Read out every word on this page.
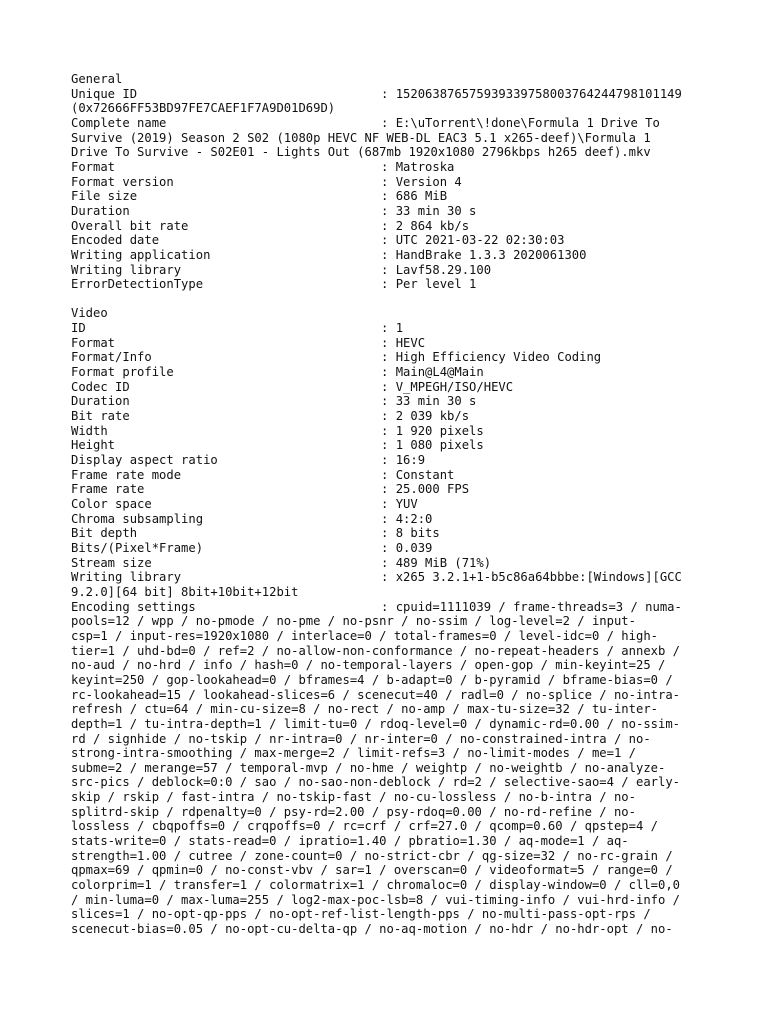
General
Unique ID	: 152063876575939339758003764244798101149
(0x72666FF53BD97FE7CAEF1F7A9D01D69D)
Complete name	: E:\uTorrent\!done\Formula 1 Drive To
Survive (2019) Season 2 S02 (1080p HEVC NF WEB-DL EAC3 5.1 x265-deef)\Formula 1
Drive To Survive - S02E01 - Lights Out (687mb 1920x1080 2796kbps h265 deef).mkv
Format	: Matroska
Format version	: Version 4
File size	: 686 MiB
Duration	: 33 min 30 s
Overall bit rate	: 2 864 kb/s
Encoded date	: UTC 2021-03-22 02:30:03
Writing application	: HandBrake 1.3.3 2020061300
Writing library	: Lavf58.29.100
ErrorDetectionType	: Per level 1
Video
ID	: 1
Format	: HEVC
Format/Info	: High Efficiency Video Coding
Format profile	: Main@L4@Main
Codec ID	: V_MPEGH/ISO/HEVC
Duration	: 33 min 30 s
Bit rate	: 2 039 kb/s
Width	: 1 920 pixels
Height	: 1 080 pixels
Display aspect ratio	: 16:9
Frame rate mode	: Constant
Frame rate	: 25.000 FPS
Color space	: YUV
Chroma subsampling	: 4:2:0
Bit depth	: 8 bits
Bits/(Pixel*Frame)	: 0.039
Stream size	: 489 MiB (71%)
Writing library	: x265 3.2.1+1-b5c86a64bbbe:[Windows][GCC
9.2.0][64 bit] 8bit+10bit+12bit
Encoding settings	: cpuid=1111039 / frame-threads=3 / numa-
pools=12 / wpp / no-pmode / no-pme / no-psnr / no-ssim / log-level=2 / input-
csp=1 / input-res=1920x1080 / interlace=0 / total-frames=0 / level-idc=0 / high-
tier=1 / uhd-bd=0 / ref=2 / no-allow-non-conformance / no-repeat-headers / annexb /
no-aud / no-hrd / info / hash=0 / no-temporal-layers / open-gop / min-keyint=25 /
keyint=250 / gop-lookahead=0 / bframes=4 / b-adapt=0 / b-pyramid / bframe-bias=0 /
rc-lookahead=15 / lookahead-slices=6 / scenecut=40 / radl=0 / no-splice / no-intra-
refresh / ctu=64 / min-cu-size=8 / no-rect / no-amp / max-tu-size=32 / tu-inter-
depth=1 / tu-intra-depth=1 / limit-tu=0 / rdoq-level=0 / dynamic-rd=0.00 / no-ssim-
rd / signhide / no-tskip / nr-intra=0 / nr-inter=0 / no-constrained-intra / no-
strong-intra-smoothing / max-merge=2 / limit-refs=3 / no-limit-modes / me=1 /
subme=2 / merange=57 / temporal-mvp / no-hme / weightp / no-weightb / no-analyze-
src-pics / deblock=0:0 / sao / no-sao-non-deblock / rd=2 / selective-sao=4 / early-
skip / rskip / fast-intra / no-tskip-fast / no-cu-lossless / no-b-intra / no-
splitrd-skip / rdpenalty=0 / psy-rd=2.00 / psy-rdoq=0.00 / no-rd-refine / no-
lossless / cbqpoffs=0 / crqpoffs=0 / rc=crf / crf=27.0 / qcomp=0.60 / qpstep=4 /
stats-write=0 / stats-read=0 / ipratio=1.40 / pbratio=1.30 / aq-mode=1 / aq-
strength=1.00 / cutree / zone-count=0 / no-strict-cbr / qg-size=32 / no-rc-grain /
qpmax=69 / qpmin=0 / no-const-vbv / sar=1 / overscan=0 / videoformat=5 / range=0 /
colorprim=1 / transfer=1 / colormatrix=1 / chromaloc=0 / display-window=0 / cll=0,0
/ min-luma=0 / max-luma=255 / log2-max-poc-lsb=8 / vui-timing-info / vui-hrd-info /
slices=1 / no-opt-qp-pps / no-opt-ref-list-length-pps / no-multi-pass-opt-rps /
scenecut-bias=0.05 / no-opt-cu-delta-qp / no-aq-motion / no-hdr / no-hdr-opt / no-
